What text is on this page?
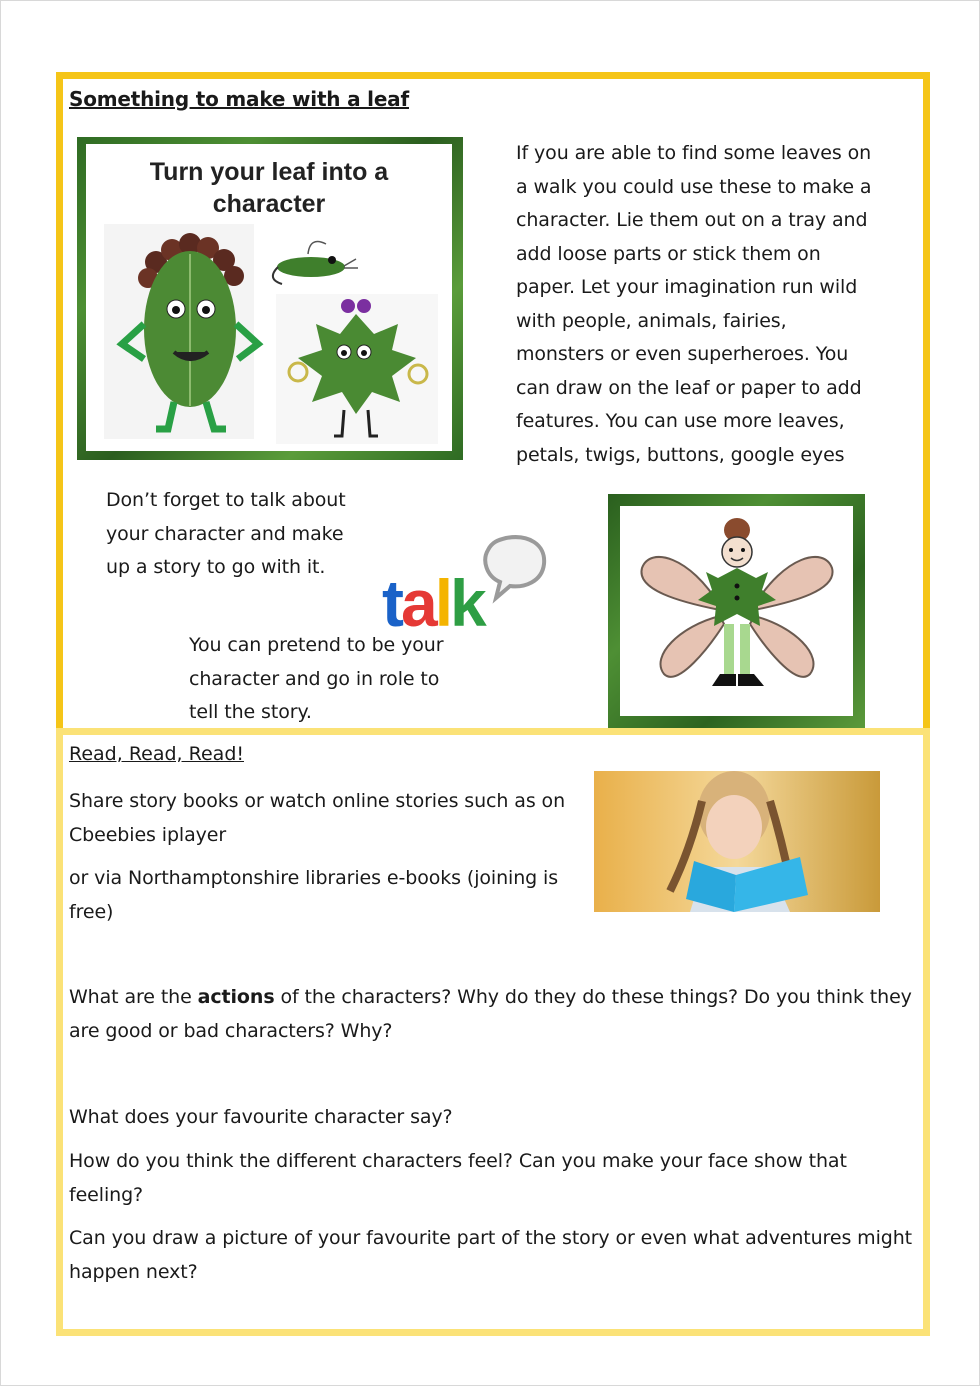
Something to make with a leaf
Turn your leaf into a
character
If you are able to find some leaves on a walk you could use these to make a character. Lie them out on a tray and add loose parts or stick them on paper. Let your imagination run wild with people, animals, fairies, monsters or even superheroes. You can draw on the leaf or paper to add features. You can use more leaves, petals, twigs, buttons, google eyes
Don’t forget to talk about your character and make up a story to go with it.
You can pretend to be your character and go in role to tell the story.
talk
Read, Read, Read!
Share story books or watch online stories such as on Cbeebies iplayer
or via Northamptonshire libraries e-books (joining is free)
What are the actions of the characters? Why do they do these things? Do you think they are good or bad characters? Why?
What does your favourite character say?
How do you think the different characters feel? Can you make your face show that feeling?
Can you draw a picture of your favourite part of the story or even what adventures might happen next?
